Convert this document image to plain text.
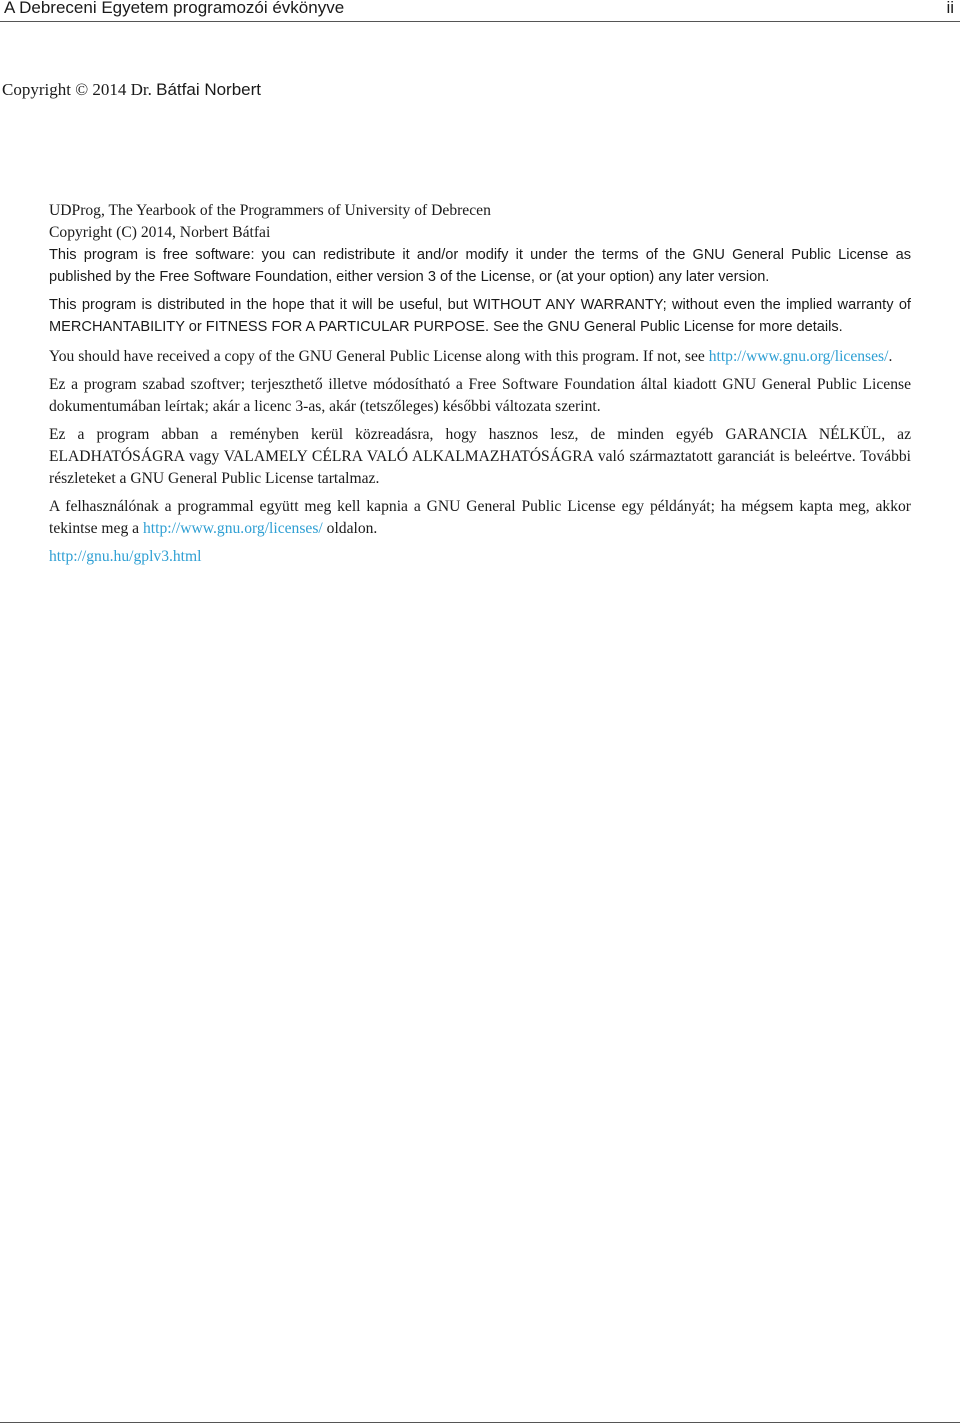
A Debreceni Egyetem programozói évkönyve	ii
Copyright © 2014 Dr. Bátfai Norbert

UDProg, The Yearbook of the Programmers of University of Debrecen

Copyright (C) 2014, Norbert Bátfai

This program is free software: you can redistribute it and/or modify it under the terms of the GNU General Public License as published by the Free Software Foundation, either version 3 of the License, or (at your option) any later version.

This program is distributed in the hope that it will be useful, but WITHOUT ANY WARRANTY; without even the implied warranty of MERCHANTABILITY or FITNESS FOR A PARTICULAR PURPOSE. See the GNU General Public License for more details.

You should have received a copy of the GNU General Public License along with this program. If not, see http://www.gnu.org/licenses/.

Ez a program szabad szoftver; terjeszthető illetve módosítható a Free Software Foundation által kiadott GNU General Public License dokumentumában leírtak; akár a licenc 3-as, akár (tetszőleges) későbbi változata szerint.

Ez a program abban a reményben kerül közreadásra, hogy hasznos lesz, de minden egyéb GARANCIA NÉLKÜL, az ELADHATÓSÁGRA vagy VALAMELY CÉLRA VALÓ ALKALMAZHATÓSÁGRA való származtatott garanciát is beleértve. További részleteket a GNU General Public License tartalmaz.

A felhasználónak a programmal együtt meg kell kapnia a GNU General Public License egy példányát; ha mégsem kapta meg, akkor tekintse meg a http://www.gnu.org/licenses/ oldalon.

http://gnu.hu/gplv3.html
